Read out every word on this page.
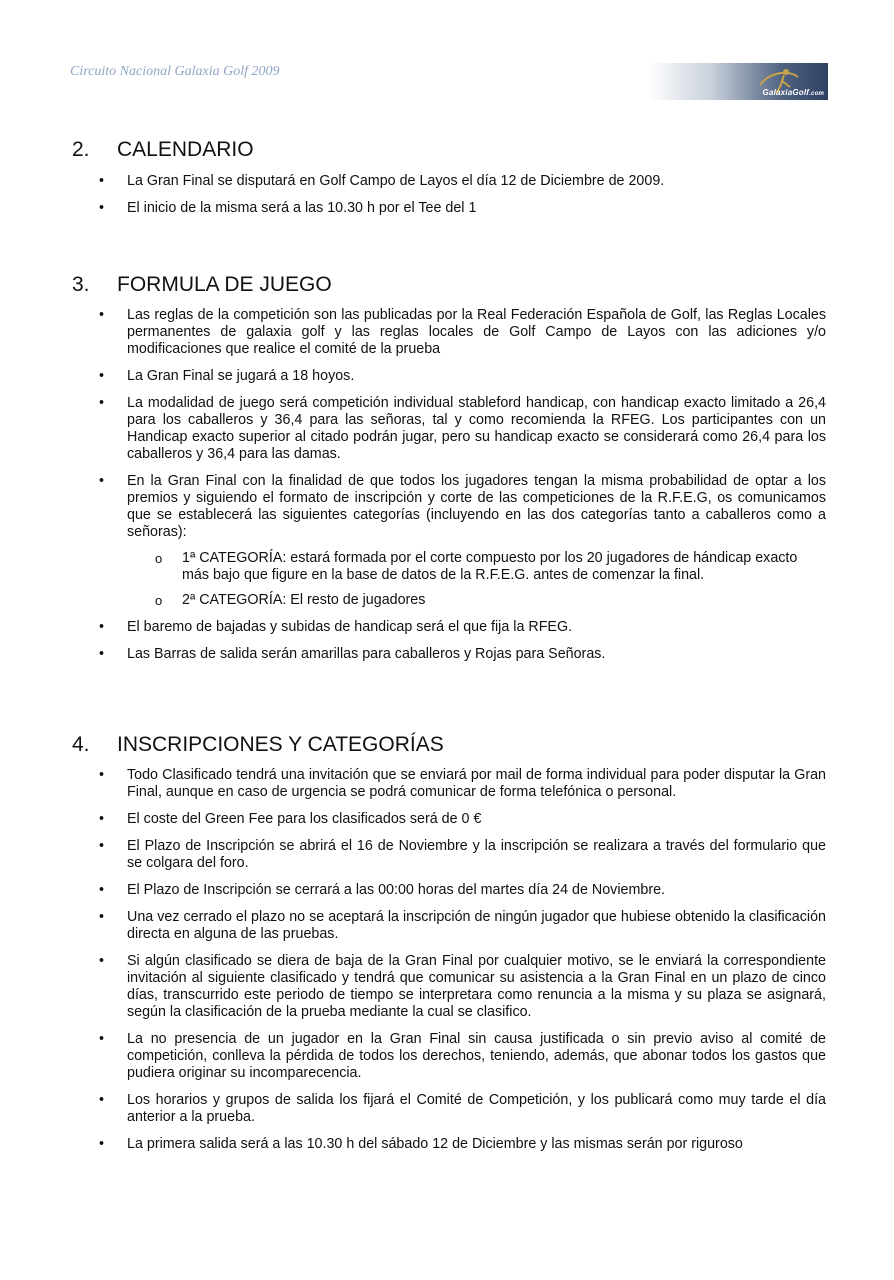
Circuito Nacional Galaxia Golf 2009
GalaxiaGolf.com
2. CALENDARIO
• La Gran Final se disputará en Golf Campo de Layos el día 12 de Diciembre de 2009.
• El inicio de la misma será a las 10.30 h por el Tee del 1
3. FORMULA DE JUEGO
• Las reglas de la competición son las publicadas por la Real Federación Española de Golf, las Reglas Locales permanentes de galaxia golf y las reglas locales de Golf Campo de Layos con las adiciones y/o modificaciones que realice el comité de la prueba
• La Gran Final se jugará a 18 hoyos.
• La modalidad de juego será competición individual stableford handicap, con handicap exacto limitado a 26,4 para los caballeros y 36,4 para las señoras, tal y como recomienda la RFEG. Los participantes con un Handicap exacto superior al citado podrán jugar, pero su handicap exacto se considerará como 26,4 para los caballeros y 36,4 para las damas.
• En la Gran Final con la finalidad de que todos los jugadores tengan la misma probabilidad de optar a los premios y siguiendo el formato de inscripción y corte de las competiciones de la R.F.E.G, os comunicamos que se establecerá las siguientes categorías (incluyendo en las dos categorías tanto a caballeros como a señoras):
o 1ª CATEGORÍA: estará formada por el corte compuesto por los 20 jugadores de hándicap exacto más bajo que figure en la base de datos de la R.F.E.G. antes de comenzar la final.
o 2ª CATEGORÍA: El resto de jugadores
• El baremo de bajadas y subidas de handicap será el que fija la RFEG.
• Las Barras de salida serán amarillas para caballeros y Rojas para Señoras.
4. INSCRIPCIONES Y CATEGORÍAS
• Todo Clasificado tendrá una invitación que se enviará por mail de forma individual para poder disputar la Gran Final, aunque en caso de urgencia se podrá comunicar de forma telefónica o personal.
• El coste del Green Fee para los clasificados será de 0 €
• El Plazo de Inscripción se abrirá el 16 de Noviembre y la inscripción se realizara a través del formulario que se colgara del foro.
• El Plazo de Inscripción se cerrará a las 00:00 horas del martes día 24 de Noviembre.
• Una vez cerrado el plazo no se aceptará la inscripción de ningún jugador que hubiese obtenido la clasificación directa en alguna de las pruebas.
• Si algún clasificado se diera de baja de la Gran Final por cualquier motivo, se le enviará la correspondiente invitación al siguiente clasificado y tendrá que comunicar su asistencia a la Gran Final en un plazo de cinco días, transcurrido este periodo de tiempo se interpretara como renuncia a la misma y su plaza se asignará, según la clasificación de la prueba mediante la cual se clasifico.
• La no presencia de un jugador en la Gran Final sin causa justificada o sin previo aviso al comité de competición, conlleva la pérdida de todos los derechos, teniendo, además, que abonar todos los gastos que pudiera originar su incomparecencia.
• Los horarios y grupos de salida los fijará el Comité de Competición, y los publicará como muy tarde el día anterior a la prueba.
• La primera salida será a las 10.30 h del sábado 12 de Diciembre y las mismas serán por riguroso
